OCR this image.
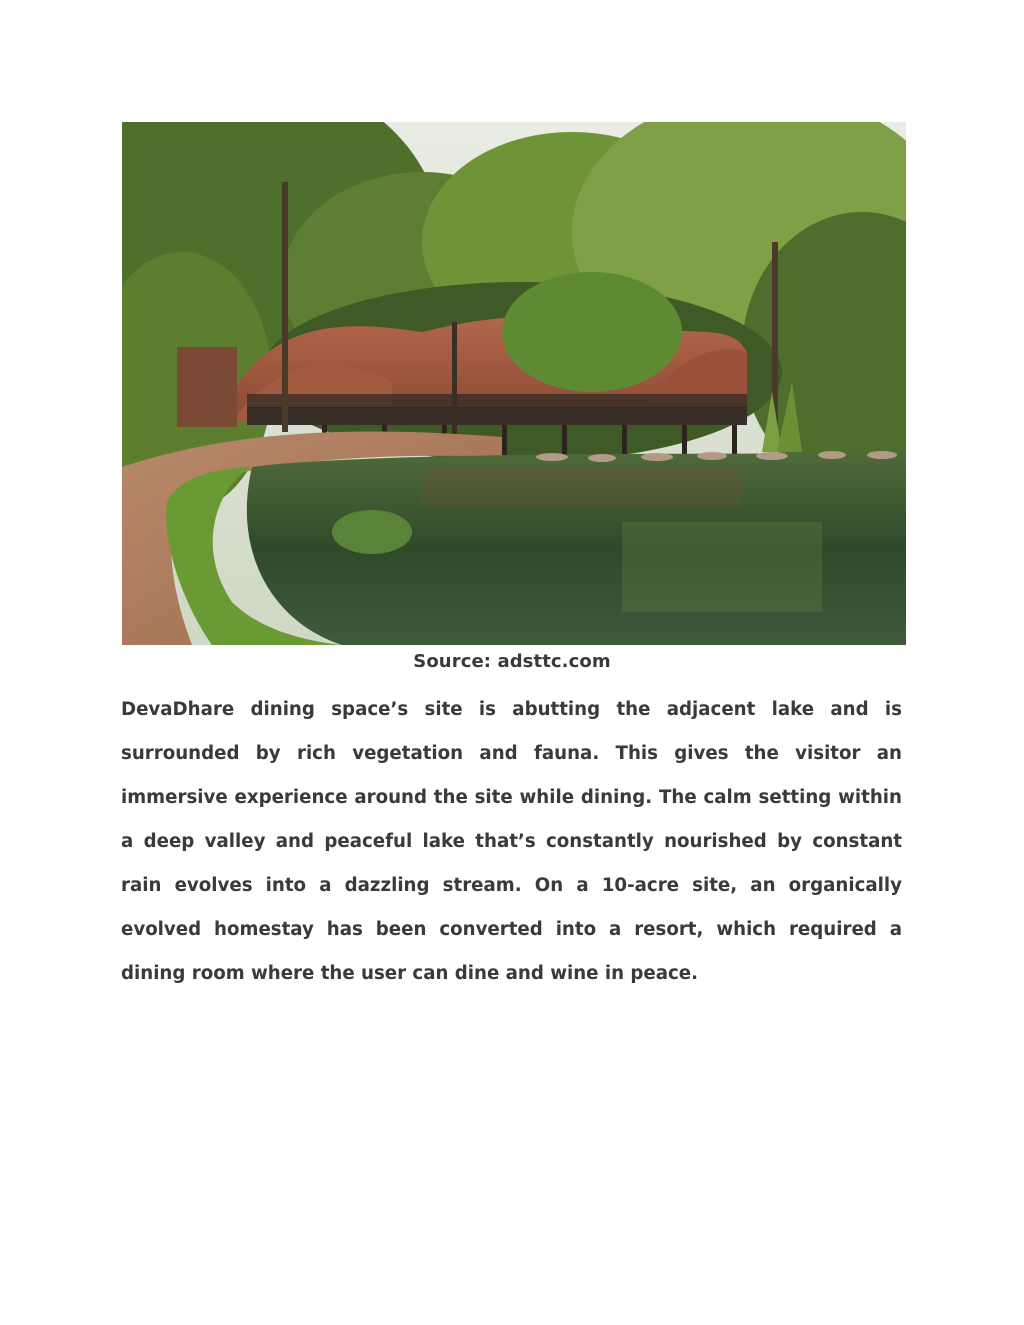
Source: adsttc.com

DevaDhare dining space’s site is abutting the adjacent lake and is surrounded by rich vegetation and fauna. This gives the visitor an immersive experience around the site while dining. The calm setting within a deep valley and peaceful lake that’s constantly nourished by constant rain evolves into a dazzling stream. On a 10-acre site, an organically evolved homestay has been converted into a resort, which required a dining room where the user can dine and wine in peace.
